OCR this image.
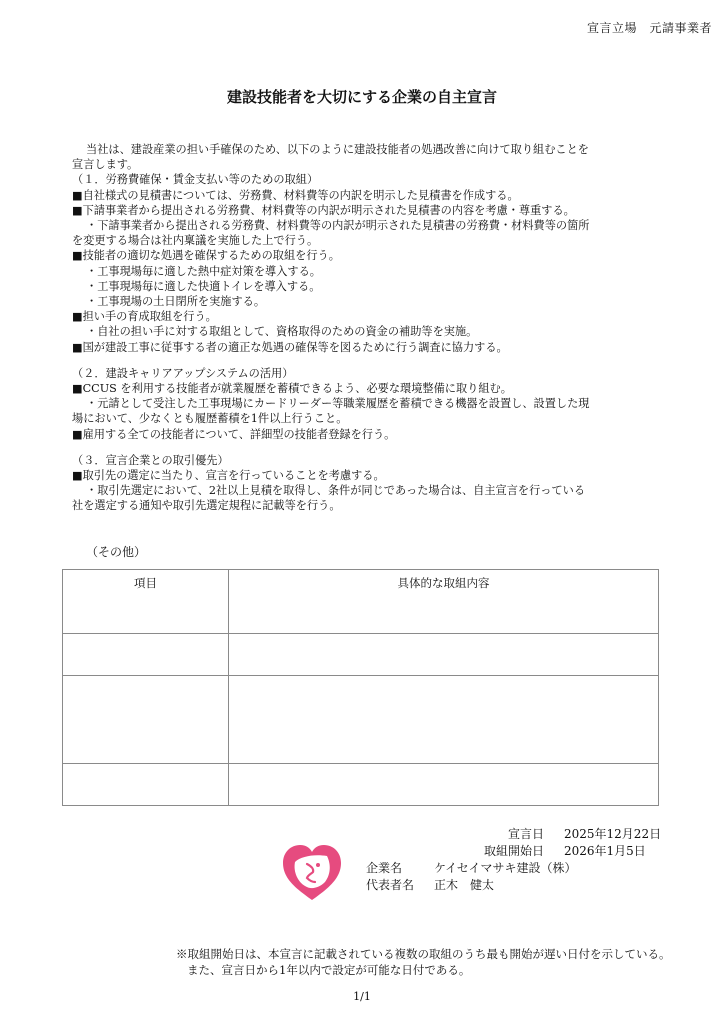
宣言立場　元請事業者
建設技能者を大切にする企業の自主宣言

当社は、建設産業の担い手確保のため、以下のように建設技能者の処遇改善に向けて取り組むことを

宣言します。

（１．労務費確保・賃金支払い等のための取組）

■自社様式の見積書については、労務費、材料費等の内訳を明示した見積書を作成する。

■下請事業者から提出される労務費、材料費等の内訳が明示された見積書の内容を考慮・尊重する。

・下請事業者から提出される労務費、材料費等の内訳が明示された見積書の労務費・材料費等の箇所

を変更する場合は社内稟議を実施した上で行う。

■技能者の適切な処遇を確保するための取組を行う。

・工事現場毎に適した熱中症対策を導入する。

・工事現場毎に適した快適トイレを導入する。

・工事現場の土日閉所を実施する。

■担い手の育成取組を行う。

・自社の担い手に対する取組として、資格取得のための資金の補助等を実施。

■国が建設工事に従事する者の適正な処遇の確保等を図るために行う調査に協力する。

（２．建設キャリアアップシステムの活用）

■CCUS を利用する技能者が就業履歴を蓄積できるよう、必要な環境整備に取り組む。

・元請として受注した工事現場にカードリーダー等職業履歴を蓄積できる機器を設置し、設置した現

場において、少なくとも履歴蓄積を1件以上行うこと。

■雇用する全ての技能者について、詳細型の技能者登録を行う。

（３．宣言企業との取引優先）

■取引先の選定に当たり、宣言を行っていることを考慮する。

・取引先選定において、2社以上見積を取得し、条件が同じであった場合は、自主宣言を行っている

社を選定する通知や取引先選定規程に記載等を行う。

（その他）
項目	具体的な取組内容

宣言日 2025年12月22日
取組開始日 2026年1月5日
企業名	ケイセイマサキ建設（株）
代表者名 正木　健太
※取組開始日は、本宣言に記載されている複数の取組のうち最も開始が遅い日付を示している。
また、宣言日から1年以内で設定が可能な日付である。
1/1
